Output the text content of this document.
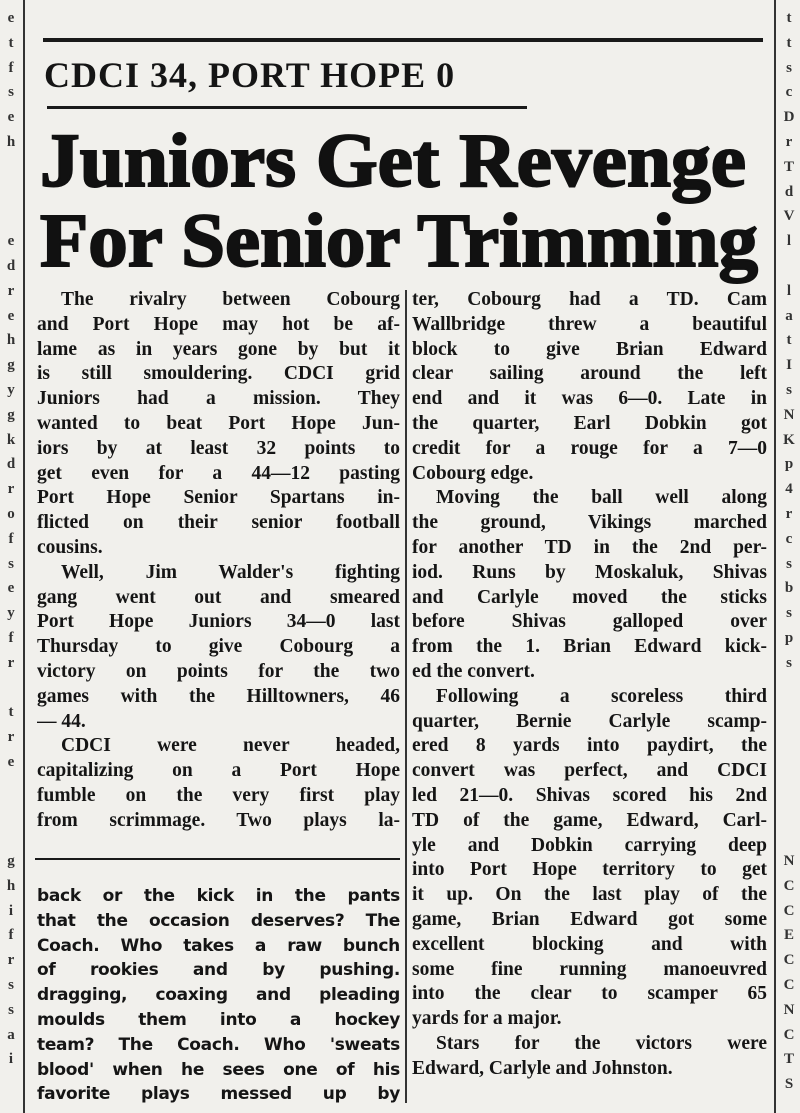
e
t
f
s
e
h
e
d
r
e
h
g
y
g
k
d
r
o
f
s
e
y
f
r
t
r
e
g
h
i
f
r
s
s
a
i
t
t
s
c
D
r
T
d
V
l
l
a
t
I
s
N
K
p
4
r
c
s
b
s
p
s
N
C
C
E
C
C
N
C
T
S
CDCI 34, PORT HOPE 0
Juniors Get Revenge
For Senior Trimming
The rivalry between Cobourg
and Port Hope may hot be af-
lame as in years gone by but it
is still smouldering. CDCI grid
Juniors had a mission. They
wanted to beat Port Hope Jun-
iors by at least 32 points to
get even for a 44—12 pasting
Port Hope Senior Spartans in-
flicted on their senior football
cousins.
Well, Jim Walder's fighting
gang went out and smeared
Port Hope Juniors 34—0 last
Thursday to give Cobourg a
victory on points for the two
games with the Hilltowners, 46
— 44.
CDCI were never headed,
capitalizing on a Port Hope
fumble on the very first play
from scrimmage. Two plays la-
back or the kick in the pants
that the occasion deserves? The
Coach. Who takes a raw bunch
of rookies and by pushing.
dragging, coaxing and pleading
moulds them into a hockey
team? The Coach. Who 'sweats
blood' when he sees one of his
favorite plays messed up by
ter, Cobourg had a TD. Cam
Wallbridge threw a beautiful
block to give Brian Edward
clear sailing around the left
end and it was 6—0. Late in
the quarter, Earl Dobkin got
credit for a rouge for a 7—0
Cobourg edge.
Moving the ball well along
the ground, Vikings marched
for another TD in the 2nd per-
iod. Runs by Moskaluk, Shivas
and Carlyle moved the sticks
before Shivas galloped over
from the 1. Brian Edward kick-
ed the convert.
Following a scoreless third
quarter, Bernie Carlyle scamp-
ered 8 yards into paydirt, the
convert was perfect, and CDCI
led 21—0. Shivas scored his 2nd
TD of the game, Edward, Carl-
yle and Dobkin carrying deep
into Port Hope territory to get
it up. On the last play of the
game, Brian Edward got some
excellent blocking and with
some fine running manoeuvred
into the clear to scamper 65
yards for a major.
Stars for the victors were
Edward, Carlyle and Johnston.
